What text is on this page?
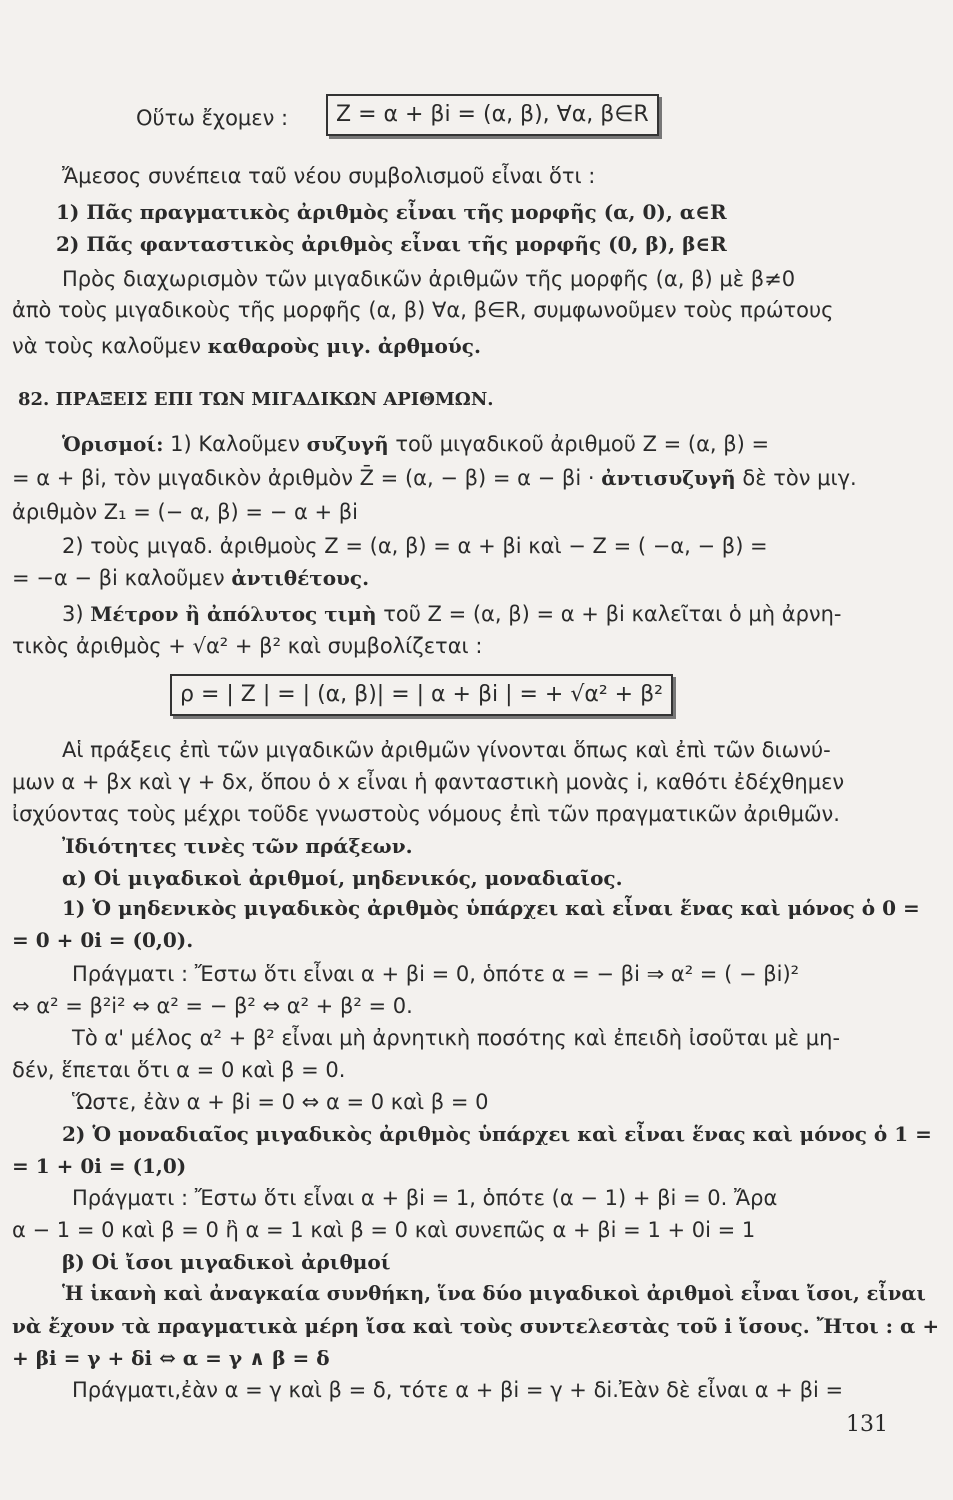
Οὕτω ἔχομεν :	Z = α + βi = (α, β), ∀α, β∈R
Ἄμεσος συνέπεια ταῦ νέου συμβολισμοῦ εἶναι ὅτι :
1) Πᾶς πραγματικὸς ἀριθμὸς εἶναι τῆς μορφῆς (α, 0), α∈R
2) Πᾶς φανταστικὸς ἀριθμὸς εἶναι τῆς μορφῆς (0, β), β∈R
Πρὸς διαχωρισμὸν τῶν μιγαδικῶν ἀριθμῶν τῆς μορφῆς (α, β) μὲ β≠0
ἀπὸ τοὺς μιγαδικοὺς τῆς μορφῆς (α, β) ∀α, β∈R, συμφωνοῦμεν τοὺς πρώτους
νὰ τοὺς καλοῦμεν καθαροὺς μιγ. ἀρθμούς.
82. ΠΡΑΞΕΙΣ ΕΠΙ ΤΩΝ ΜΙΓΑΔΙΚΩΝ ΑΡΙΘΜΩΝ.
Ὁρισμοί: 1) Καλοῦμεν συζυγῆ τοῦ μιγαδικοῦ ἀριθμοῦ Z = (α, β) =
= α + βi, τὸν μιγαδικὸν ἀριθμὸν Z̄ = (α, − β) = α − βi · ἀντισυζυγῆ δὲ τὸν μιγ.
ἀριθμὸν Z₁ = (− α, β) = − α + βi
2) τοὺς μιγαδ. ἀριθμοὺς Z = (α, β) = α + βi καὶ − Z = ( −α, − β) =
= −α − βi καλοῦμεν ἀντιθέτους.
3) Μέτρον ἢ ἀπόλυτος τιμὴ τοῦ Z = (α, β) = α + βi καλεῖται ὁ μὴ ἀρνη-
τικὸς ἀριθμὸς + √α² + β² καὶ συμβολίζεται :
ρ = | Z | = | (α, β)| = | α + βi | = + √α² + β²
Αἱ πράξεις ἐπὶ τῶν μιγαδικῶν ἀριθμῶν γίνονται ὅπως καὶ ἐπὶ τῶν διωνύ-
μων α + βx καὶ γ + δx, ὅπου ὁ x εἶναι ἡ φανταστικὴ μονὰς i, καθότι ἐδέχθημεν
ἰσχύοντας τοὺς μέχρι τοῦδε γνωστοὺς νόμους ἐπὶ τῶν πραγματικῶν ἀριθμῶν.
Ἰδιότητες τινὲς τῶν πράξεων.
α) Οἱ μιγαδικοὶ ἀριθμοί, μηδενικός, μοναδιαῖος.
1) Ὁ μηδενικὸς μιγαδικὸς ἀριθμὸς ὑπάρχει καὶ εἶναι ἕνας καὶ μόνος ὁ 0 =
= 0 + 0i = (0,0).
Πράγματι : Ἔστω ὅτι εἶναι α + βi = 0, ὁπότε α = − βi ⇒ α² = ( − βi)²
⇔ α² = β²i² ⇔ α² = − β² ⇔ α² + β² = 0.
Τὸ α' μέλος α² + β² εἶναι μὴ ἀρνητικὴ ποσότης καὶ ἐπειδὴ ἰσοῦται μὲ μη-
δέν, ἕπεται ὅτι α = 0 καὶ β = 0.
Ὥστε, ἐὰν α + βi = 0 ⇔ α = 0 καὶ β = 0
2) Ὁ μοναδιαῖος μιγαδικὸς ἀριθμὸς ὑπάρχει καὶ εἶναι ἕνας καὶ μόνος ὁ 1 =
= 1 + 0i = (1,0)
Πράγματι : Ἔστω ὅτι εἶναι α + βi = 1, ὁπότε (α − 1) + βi = 0. Ἄρα
α − 1 = 0 καὶ β = 0 ἢ α = 1 καὶ β = 0 καὶ συνεπῶς α + βi = 1 + 0i = 1
β) Οἱ ἴσοι μιγαδικοὶ ἀριθμοί
Ἡ ἱκανὴ καὶ ἀναγκαία συνθήκη, ἵνα δύο μιγαδικοὶ ἀριθμοὶ εἶναι ἴσοι, εἶναι
νὰ ἔχουν τὰ πραγματικὰ μέρη ἴσα καὶ τοὺς συντελεστὰς τοῦ i ἴσους. Ἤτοι : α +
+ βi = γ + δi ⇔ α = γ ∧ β = δ
Πράγματι,ἐὰν α = γ καὶ β = δ, τότε α + βi = γ + δi.Ἐὰν δὲ εἶναι α + βi =
131
